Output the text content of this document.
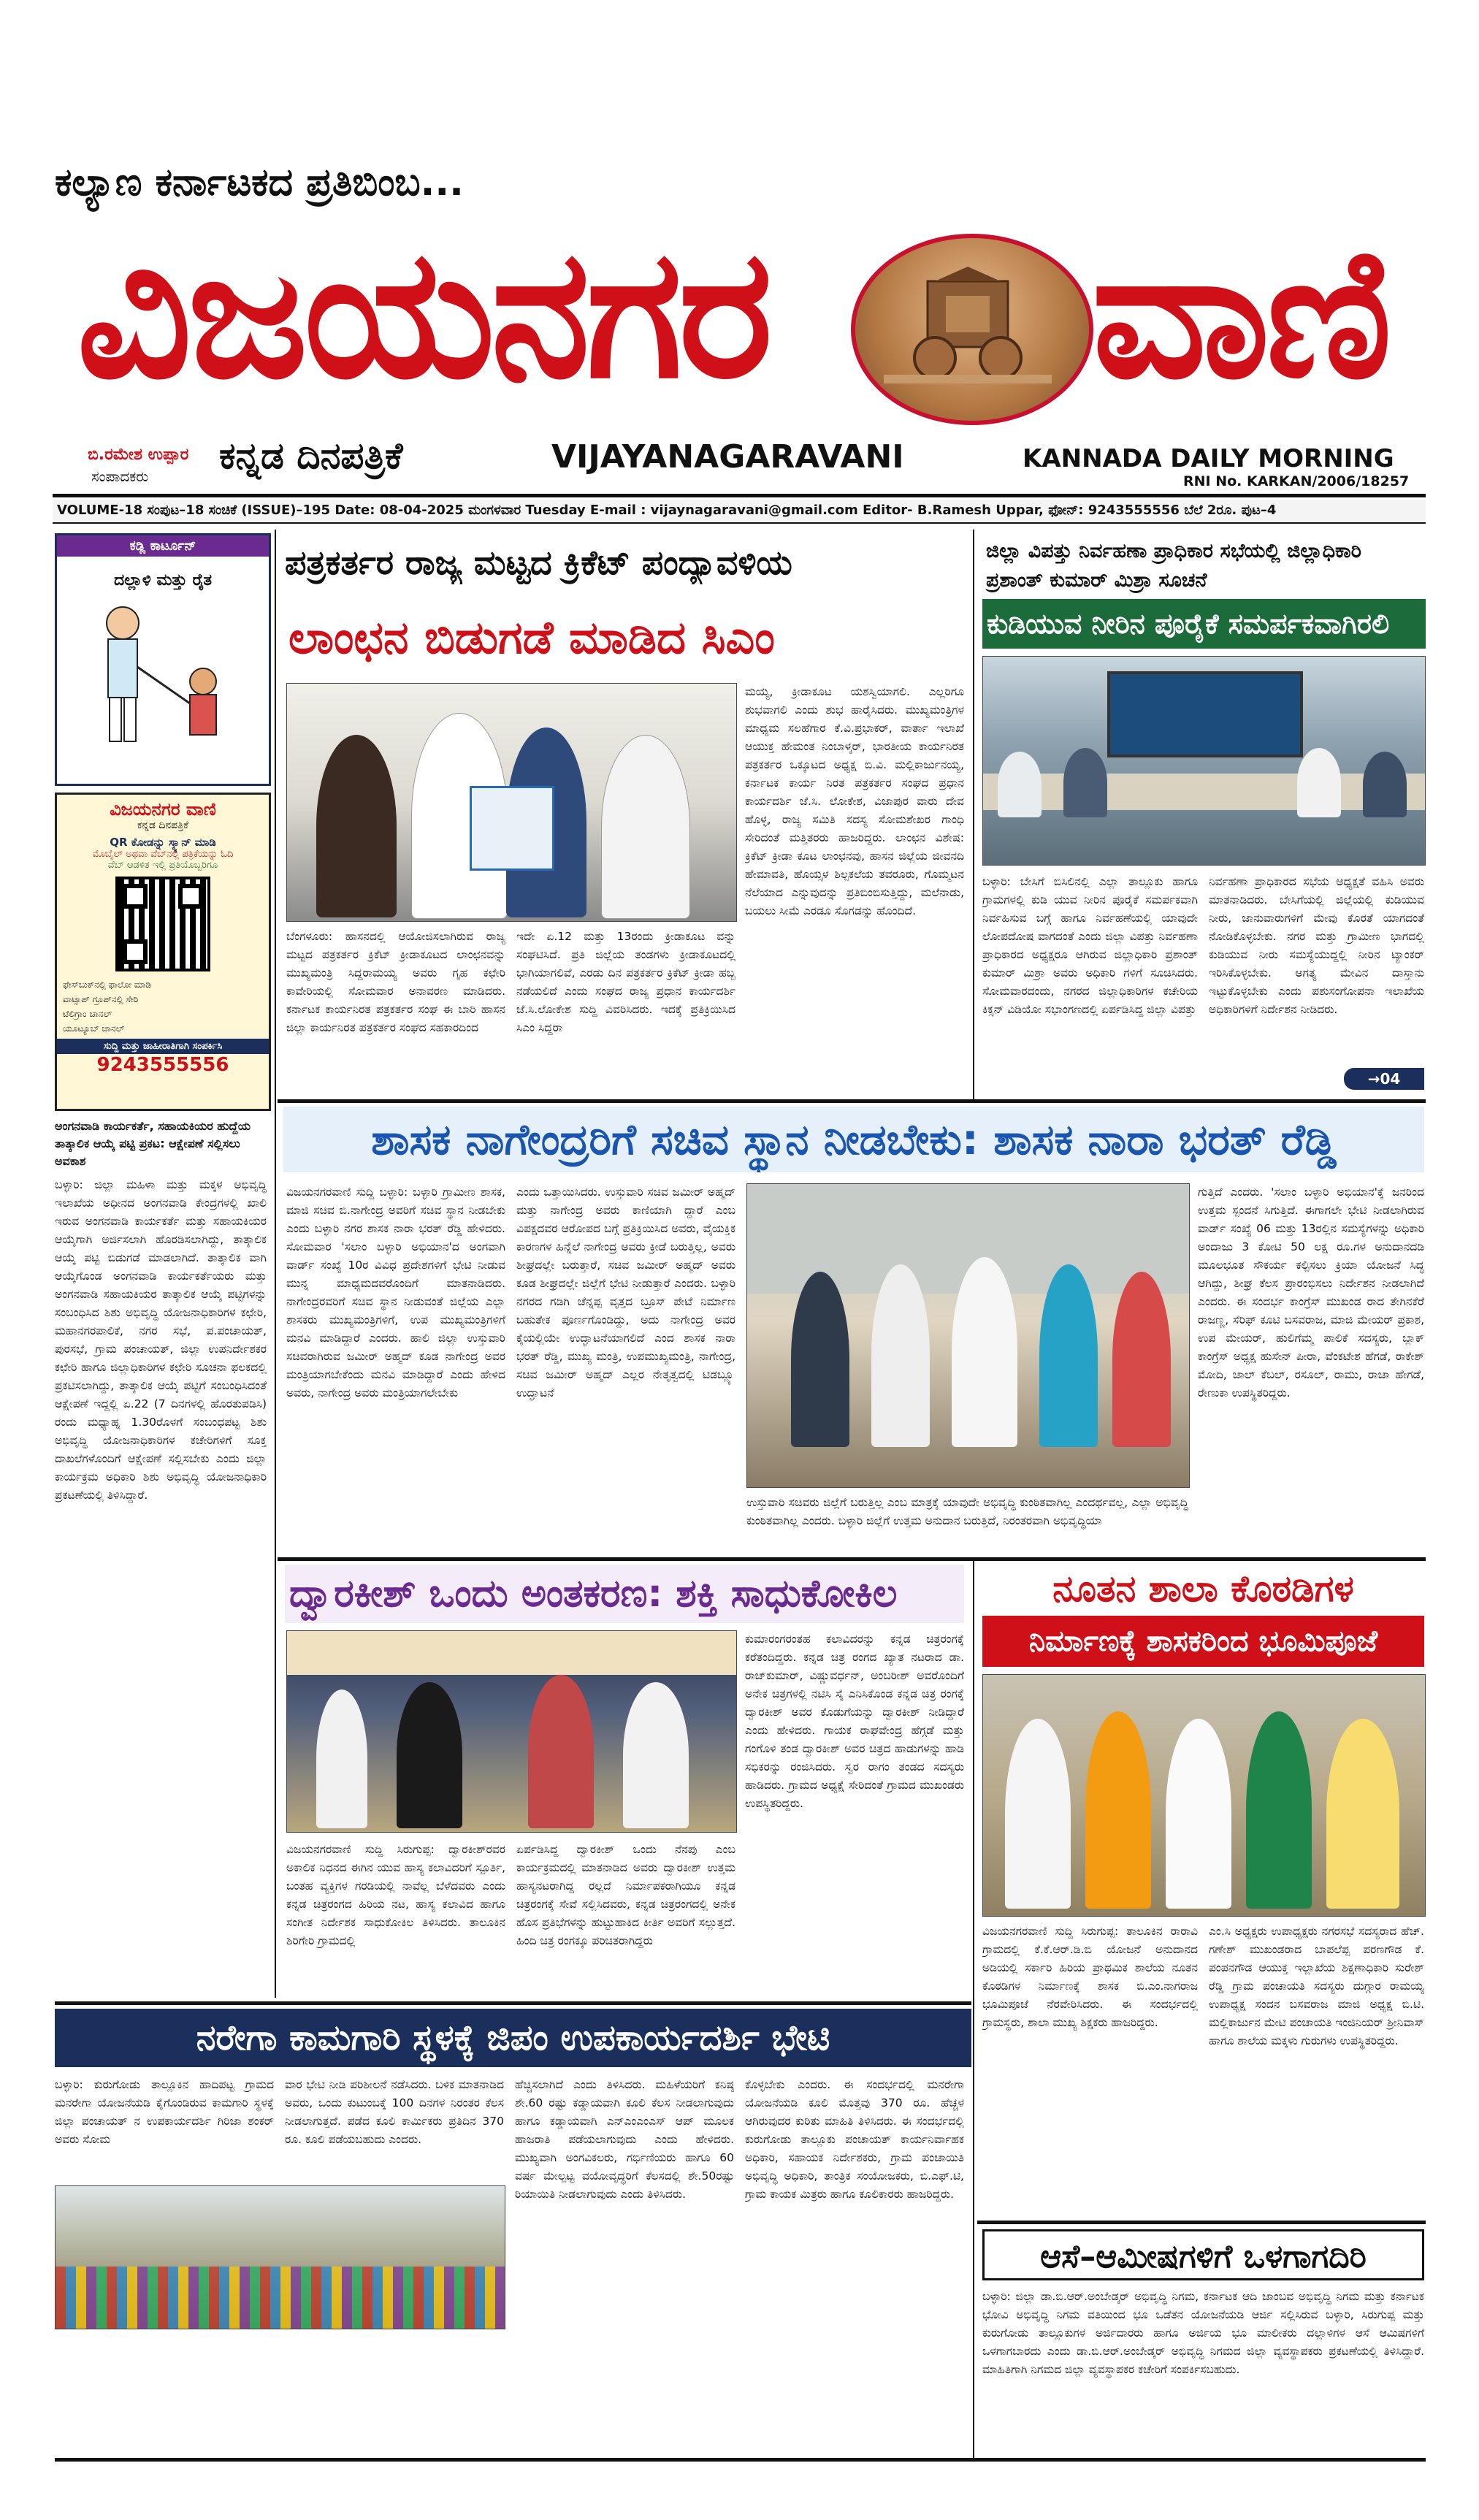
ಕಲ್ಯಾಣ ಕರ್ನಾಟಕದ ಪ್ರತಿಬಿಂಬ...
ವಿಜಯನಗರ ವಾಣಿ
ಬಿ.ರಮೇಶ ಉಪ್ಪಾರ
ಸಂಪಾದಕರು ಕನ್ನಡ ದಿನಪತ್ರಿಕೆ	VIJAYANAGARAVANI	KANNADA DAILY MORNING
RNI No. KARKAN/2006/18257
VOLUME-18 ಸಂಪುಟ–18 ಸಂಚಿಕೆ (ISSUE)–195 Date: 08-04-2025 ಮಂಗಳವಾರ Tuesday E-mail : vijaynagaravani@gmail.com Editor- B.Ramesh Uppar, ಫೋನ್: 9243555556 ಬೆಲೆ 2ರೂ. ಪುಟ–4
ಕಡ್ಲಿ ಕಾರ್ಟೂನ್
ದಲ್ಲಾಳಿ ಮತ್ತು ರೈತ
ವಿಜಯನಗರ ವಾಣಿ
ಕನ್ನಡ ದಿನಪತ್ರಿಕೆ
QR ಕೋಡನ್ನು ಸ್ಕ್ಯಾನ್ ಮಾಡಿ
ಮೊಬೈಲ್ ಅಥವಾ ವೆಬ್‌ನಲ್ಲಿ ಪತ್ರಿಕೆಯನ್ನು ಓದಿ
ವೆಬ್ ಆಡಳಿತ ಇಲ್ಲಿ ಪ್ರತಿಯೊಬ್ಬರಿಗೂ
ಫೇಸ್‌ಬುಕ್‌ನಲ್ಲಿ ಫಾಲೋ ಮಾಡಿ
ವಾಟ್ಸಾಪ್ ಗ್ರೂಪ್‌ನಲ್ಲಿ ಸೇರಿ
ಟೆಲಿಗ್ರಾಂ ಚಾನಲ್
ಯೂಟ್ಯೂಬ್ ಚಾನಲ್
ಸುದ್ದಿ ಮತ್ತು ಜಾಹೀರಾತಿಗಾಗಿ ಸಂಪರ್ಕಿಸಿ
9243555556
ಅಂಗನವಾಡಿ ಕಾರ್ಯಕರ್ತೆ, ಸಹಾಯಕಿಯರ ಹುದ್ದೆಯ ತಾತ್ಕಾಲಿಕ ಆಯ್ಕೆ ಪಟ್ಟಿ ಪ್ರಕಟ: ಆಕ್ಷೇಪಣೆ ಸಲ್ಲಿಸಲು ಅವಕಾಶ
ಬಳ್ಳಾರಿ: ಜಿಲ್ಲಾ ಮಹಿಳಾ ಮತ್ತು ಮಕ್ಕಳ ಅಭಿವೃದ್ಧಿ ಇಲಾಖೆಯ ಅಧೀನದ ಅಂಗನವಾಡಿ ಕೇಂದ್ರಗಳಲ್ಲಿ ಖಾಲಿ ಇರುವ ಅಂಗನವಾಡಿ ಕಾರ್ಯಕರ್ತೆ ಮತ್ತು ಸಹಾಯಕಿಯರ ಆಯ್ಕೆಗಾಗಿ ಅರ್ಜಿಸಲಾಗಿ ಹೊರಡಿಸಲಾಗಿದ್ದು, ತಾತ್ಕಾಲಿಕ ಆಯ್ಕೆ ಪಟ್ಟಿ ಬಿಡುಗಡೆ ಮಾಡಲಾಗಿದೆ. ತಾತ್ಕಾಲಿಕ ವಾಗಿ ಆಯ್ಕೆಗೊಂಡ ಅಂಗನವಾಡಿ ಕಾರ್ಯಕರ್ತೆಯರು ಮತ್ತು ಅಂಗನವಾಡಿ ಸಹಾಯಕಿಯರ ತಾತ್ಕಾಲಿಕ ಆಯ್ಕೆ ಪಟ್ಟಿಗಳನ್ನು ಸಂಬಂಧಿಸಿದ ಶಿಶು ಅಭಿವೃದ್ಧಿ ಯೋಜನಾಧಿಕಾರಿಗಳ ಕಛೇರಿ, ಮಹಾನಗರಪಾಲಿಕೆ, ನಗರ ಸಭೆ, ಪ.ಪಂಚಾಯತ್, ಪುರಸಭೆ, ಗ್ರಾಮ ಪಂಚಾಯತ್, ಜಿಲ್ಲಾ ಉಪನಿರ್ದೇಶಕರ ಕಛೇರಿ ಹಾಗೂ ಜಿಲ್ಲಾಧಿಕಾರಿಗಳ ಕಛೇರಿ ಸೂಚನಾ ಫಲಕದಲ್ಲಿ ಪ್ರಕಟಿಸಲಾಗಿದ್ದು, ತಾತ್ಕಾಲಿಕ ಆಯ್ಕೆ ಪಟ್ಟಿಗೆ ಸಂಬಂಧಿಸಿದಂತೆ ಆಕ್ಷೇಪಣೆ ಇದ್ದಲ್ಲಿ ಏ.22 (7 ದಿನಗಳಲ್ಲಿ ಹೊರತುಪಡಿಸಿ) ರಂದು ಮಧ್ಯಾಹ್ನ 1.30ರೊಳಗೆ ಸಂಬಂಧಪಟ್ಟ ಶಿಶು ಅಭಿವೃದ್ಧಿ ಯೋಜನಾಧಿಕಾರಿಗಳ ಕಚೇರಿಗಳಿಗೆ ಸೂಕ್ತ ದಾಖಲೆಗಳೊಂದಿಗೆ ಆಕ್ಷೇಪಣೆ ಸಲ್ಲಿಸಬೇಕು ಎಂದು ಜಿಲ್ಲಾ ಕಾರ್ಯಕ್ರಮ ಅಧಿಕಾರಿ ಶಿಶು ಅಭಿವೃದ್ಧಿ ಯೋಜನಾಧಿಕಾರಿ ಪ್ರಕಟಣೆಯಲ್ಲಿ ತಿಳಿಸಿದ್ದಾರೆ.
ಪತ್ರಕರ್ತರ ರಾಜ್ಯ ಮಟ್ಟದ ಕ್ರಿಕೆಟ್ ಪಂದ್ಯಾವಳಿಯ
ಲಾಂಛನ ಬಿಡುಗಡೆ ಮಾಡಿದ ಸಿಎಂ
ಮಯ್ಯ, ಕ್ರೀಡಾಕೂಟ ಯಶಸ್ವಿಯಾಗಲಿ. ಎಲ್ಲರಿಗೂ ಶುಭವಾಗಲಿ ಎಂದು ಶುಭ ಹಾರೈಸಿದರು. ಮುಖ್ಯಮಂತ್ರಿಗಳ ಮಾಧ್ಯಮ ಸಲಹೆಗಾರ ಕೆ.ವಿ.ಪ್ರಭಾಕರ್, ವಾರ್ತಾ ಇಲಾಖೆ ಆಯುಕ್ತ ಹೇಮಂತ ನಿಂಬಾಳ್ಕರ್, ಭಾರತೀಯ ಕಾರ್ಯನಿರತ ಪತ್ರಕರ್ತರ ಒಕ್ಕೂಟದ ಅಧ್ಯಕ್ಷ ಬಿ.ವಿ. ಮಲ್ಲಿಕಾರ್ಜುನಯ್ಯ, ಕರ್ನಾಟಕ ಕಾರ್ಯ ನಿರತ ಪತ್ರಕರ್ತರ ಸಂಘದ ಪ್ರಧಾನ ಕಾರ್ಯದರ್ಶಿ ಜೆ.ಸಿ. ಲೋಕೇಶ, ವಿಜಾಪುರ ವಾರು ದೇವ ಹೊಳ್ಳ, ರಾಜ್ಯ ಸಮಿತಿ ಸದಸ್ಯ ಸೋಮಶೇಖರ ಗಾಂಧಿ ಸೇರಿದಂತೆ ಮತ್ತಿತರರು ಹಾಜರಿದ್ದರು. ಲಾಂಛನ ವಿಶೇಷ: ಕ್ರಿಕೆಟ್ ಕ್ರೀಡಾ ಕೂಟ ಲಾಂಛನವು, ಹಾಸನ ಜಿಲ್ಲೆಯ ಜೀವನದಿ ಹೇಮಾವತಿ, ಹೊಯ್ಸಳ ಶಿಲ್ಪಕಲೆಯ ತವರೂರು, ಗೊಮ್ಮಟನ ನೆಲೆಯಾದ ಎನ್ನುವುದನ್ನು ಪ್ರತಿಬಿಂಬಿಸುತ್ತಿದ್ದು, ಮಲೆನಾಡು, ಬಯಲು ಸೀಮೆ ಎರಡೂ ಸೊಗಡನ್ನು ಹೊಂದಿದೆ.
ಬೆಂಗಳೂರು: ಹಾಸನದಲ್ಲಿ ಆಯೋಜಿಸಲಾಗಿರುವ ರಾಜ್ಯ ಮಟ್ಟದ ಪತ್ರಕರ್ತರ ಕ್ರಿಕೆಟ್ ಕ್ರೀಡಾಕೂಟದ ಲಾಂಛನವನ್ನು ಮುಖ್ಯಮಂತ್ರಿ ಸಿದ್ದರಾಮಯ್ಯ ಅವರು ಗೃಹ ಕಛೇರಿ ಕಾವೇರಿಯಲ್ಲಿ ಸೋಮವಾರ ಅನಾವರಣ ಮಾಡಿದರು. ಕರ್ನಾಟಕ ಕಾರ್ಯನಿರತ ಪತ್ರಕರ್ತರ ಸಂಘ ಈ ಬಾರಿ ಹಾಸನ ಜಿಲ್ಲಾ ಕಾರ್ಯನಿರತ ಪತ್ರಕರ್ತರ ಸಂಘದ ಸಹಕಾರದಿಂದ
ಇದೇ ಏ.12 ಮತ್ತು 13ರಂದು ಕ್ರೀಡಾಕೂಟ ವನ್ನು ಸಂಘಟಿಸಿದೆ. ಪ್ರತಿ ಜಿಲ್ಲೆಯ ತಂಡಗಳು ಕ್ರೀಡಾಕೂಟದಲ್ಲಿ ಭಾಗಿಯಾಗಲಿವೆ, ಎರಡು ದಿನ ಪತ್ರಕರ್ತರ ಕ್ರಿಕೆಟ್ ಕ್ರೀಡಾ ಹಬ್ಬ ನಡೆಯಲಿದೆ ಎಂದು ಸಂಘದ ರಾಜ್ಯ ಪ್ರಧಾನ ಕಾರ್ಯದರ್ಶಿ ಜೆ.ಸಿ.ಲೋಕೇಶ ಸುದ್ದಿ ವಿವರಿಸಿದರು. ಇದಕ್ಕೆ ಪ್ರತಿಕ್ರಿಯಿಸಿದ ಸಿಎಂ ಸಿದ್ದರಾ
ಜಿಲ್ಲಾ ವಿಪತ್ತು ನಿರ್ವಹಣಾ ಪ್ರಾಧಿಕಾರ ಸಭೆಯಲ್ಲಿ ಜಿಲ್ಲಾಧಿಕಾರಿ ಪ್ರಶಾಂತ್ ಕುಮಾರ್ ಮಿಶ್ರಾ ಸೂಚನೆ
ಕುಡಿಯುವ ನೀರಿನ ಪೂರೈಕೆ ಸಮರ್ಪಕವಾಗಿರಲಿ
ಬಳ್ಳಾರಿ: ಬೇಸಿಗೆ ಬಿಸಿಲಿನಲ್ಲಿ ಎಲ್ಲಾ ತಾಲ್ಲೂಕು ಹಾಗೂ ಗ್ರಾಮಗಳಲ್ಲಿ ಕುಡಿ ಯುವ ನೀರಿನ ಪೂರೈಕೆ ಸಮರ್ಪಕವಾಗಿ ನಿರ್ವಹಿಸುವ ಬಗ್ಗೆ ಹಾಗೂ ನಿರ್ವಹಣೆಯಲ್ಲಿ ಯಾವುದೇ ಲೋಪದೋಷ ವಾಗದಂತೆ ಎಂದು ಜಿಲ್ಲಾ ವಿಪತ್ತು ನಿರ್ವಹಣಾ ಪ್ರಾಧಿಕಾರದ ಅಧ್ಯಕ್ಷರೂ ಆಗಿರುವ ಜಿಲ್ಲಾಧಿಕಾರಿ ಪ್ರಶಾಂತ್ ಕುಮಾರ್ ಮಿಶ್ರಾ ಅವರು ಅಧಿಕಾರಿ ಗಳಿಗೆ ಸೂಚಿಸಿದರು. ಸೋಮವಾರದಂದು, ನಗರದ ಜಿಲ್ಲಾಧಿಕಾರಿಗಳ ಕಚೇರಿಯ ಕಿಕ್ಸನ್ ವಿಡಿಯೋ ಸಭಾಂಗಣದಲ್ಲಿ ಏರ್ಪಡಿಸಿದ್ದ ಜಿಲ್ಲಾ ವಿಪತ್ತು
ನಿರ್ವಹಣಾ ಪ್ರಾಧಿಕಾರದ ಸಭೆಯ ಅಧ್ಯಕ್ಷತೆ ವಹಿಸಿ ಅವರು ಮಾತನಾಡಿದರು. ಬೇಸಿಗೆಯಲ್ಲಿ ಜಿಲ್ಲೆಯಲ್ಲಿ ಕುಡಿಯುವ ನೀರು, ಜಾನುವಾರುಗಳಿಗೆ ಮೇವು ಕೊರತೆ ಯಾಗದಂತೆ ನೋಡಿಕೊಳ್ಳಬೇಕು. ನಗರ ಮತ್ತು ಗ್ರಾಮೀಣ ಭಾಗದಲ್ಲಿ ಕುಡಿಯುವ ನೀರು ಸಮಸ್ಯೆಯುದ್ದಲ್ಲಿ ನೀರಿನ ಟ್ಯಾಂಕರ್ ಇರಿಸಿಕೊಳ್ಳಬೇಕು. ಅಗತ್ಯ ಮೇವಿನ ದಾಸ್ತಾನು ಇಟ್ಟುಕೊಳ್ಳಬೇಕು ಎಂದು ಪಶುಸಂಗೋಪನಾ ಇಲಾಖೆಯ ಅಧಿಕಾರಿಗಳಿಗೆ ನಿರ್ದೇಶನ ನೀಡಿದರು.
→04
ಶಾಸಕ ನಾಗೇಂದ್ರರಿಗೆ ಸಚಿವ ಸ್ಥಾನ ನೀಡಬೇಕು: ಶಾಸಕ ನಾರಾ ಭರತ್ ರೆಡ್ಡಿ
ವಿಜಯನಗರವಾಣಿ ಸುದ್ದಿ ಬಳ್ಳಾರಿ: ಬಳ್ಳಾರಿ ಗ್ರಾಮೀಣ ಶಾಸಕ, ಮಾಜಿ ಸಚಿವ ಬಿ.ನಾಗೇಂದ್ರ ಅವರಿಗೆ ಸಚಿವ ಸ್ಥಾನ ನೀಡಬೇಕು ಎಂದು ಬಳ್ಳಾರಿ ನಗರ ಶಾಸಕ ನಾರಾ ಭರತ್ ರೆಡ್ಡಿ ಹೇಳಿದರು. ಸೋಮವಾರ 'ಸಲಾಂ ಬಳ್ಳಾರಿ ಅಭಿಯಾನ'ದ ಅಂಗವಾಗಿ ವಾರ್ಡ್ ಸಂಖ್ಯೆ 10ರ ವಿವಿಧ ಪ್ರದೇಶಗಳಿಗೆ ಭೇಟಿ ನೀಡುವ ಮುನ್ನ ಮಾಧ್ಯಮದವರೊಂದಿಗೆ ಮಾತನಾಡಿದರು. ನಾಗೇಂದ್ರರವರಿಗೆ ಸಚಿವ ಸ್ಥಾನ ನೀಡುವಂತೆ ಜಿಲ್ಲೆಯ ಎಲ್ಲಾ ಶಾಸಕರು ಮುಖ್ಯಮಂತ್ರಿಗಳಿಗೆ, ಉಪ ಮುಖ್ಯಮಂತ್ರಿಗಳಿಗೆ ಮನವಿ ಮಾಡಿದ್ದಾರೆ ಎಂದರು. ಹಾಲಿ ಜಿಲ್ಲಾ ಉಸ್ತುವಾರಿ ಸಚಿವರಾಗಿರುವ ಜಮೀರ್ ಅಹ್ಮದ್ ಕೂಡ ನಾಗೇಂದ್ರ ಅವರ ಮಂತ್ರಿಯಾಗಬೇಕೆಂದು ಮನವಿ ಮಾಡಿದ್ದಾರೆ ಎಂದು ಹೇಳಿದ ಅವರು, ನಾಗೇಂದ್ರ ಅವರು ಮಂತ್ರಿಯಾಗಲೇಬೇಕು
ಎಂದು ಒತ್ತಾಯಿಸಿದರು. ಉಸ್ತುವಾರಿ ಸಚಿವ ಜಮೀರ್ ಅಹ್ಮದ್ ಮತ್ತು ನಾಗೇಂದ್ರ ಅವರು ಕಾಣಿಯಾಗಿ ದ್ದಾರೆ ಎಂಬ ವಿಪಕ್ಷದವರ ಆರೋಪದ ಬಗ್ಗೆ ಪ್ರತಿಕ್ರಿಯಿಸಿದ ಅವರು, ವೈಯಕ್ತಿಕ ಕಾರಣಗಳ ಹಿನ್ನೆಲೆ ನಾಗೇಂದ್ರ ಅವರು ಕ್ರೀಡೆ ಬರುತ್ತಿಲ್ಲ, ಅವರು ಶೀಘ್ರದಲ್ಲೇ ಬರುತ್ತಾರೆ, ಸಚಿವ ಜಮೀರ್ ಅಹ್ಮದ್ ಅವರು ಕೂಡ ಶೀಘ್ರದಲ್ಲೇ ಜಿಲ್ಲೆಗೆ ಭೇಟಿ ನೀಡುತ್ತಾರೆ ಎಂದರು. ಬಳ್ಳಾರಿ ನಗರದ ಗಡಿಗಿ ಚೆನ್ನಪ್ಪ ವೃತ್ತದ ಬ್ರೂಸ್ ಪೇಟೆ ನಿರ್ಮಾಣ ಬಹುತೇಕ ಪೂರ್ಣಗೊಂಡಿದ್ದು, ಅದು ನಾಗೇಂದ್ರ ಅವರ ಕೈಯಲ್ಲಿಯೇ ಉದ್ಘಾಟನೆಯಾಗಲಿದೆ ಎಂದ ಶಾಸಕ ನಾರಾ ಭರತ್ ರೆಡ್ಡಿ, ಮುಖ್ಯ ಮಂತ್ರಿ, ಉಪಮುಖ್ಯಮಂತ್ರಿ, ನಾಗೇಂದ್ರ, ಸಚಿವ ಜಮೀರ್ ಅಹ್ಮದ್ ಎಲ್ಲರ ನೇತೃತ್ವದಲ್ಲಿ ಟಿಡಬ್ಲ್ಯೂ ಉದ್ಘಾಟನೆ
ಉಸ್ತುವಾರಿ ಸಚಿವರು ಜಿಲ್ಲೆಗೆ ಬರುತ್ತಿಲ್ಲ ಎಂಬ ಮಾತ್ರಕ್ಕೆ ಯಾವುದೇ ಅಭಿವೃದ್ಧಿ ಕುಂಠಿತವಾಗಿಲ್ಲ ಎಂದರ್ಥವಲ್ಲ, ಎಲ್ಲಾ ಅಭಿವೃದ್ಧಿ ಕುಂಠಿತವಾಗಿಲ್ಲ ಎಂದರು. ಬಳ್ಳಾರಿ ಜಿಲ್ಲೆಗೆ ಉತ್ತಮ ಅನುದಾನ ಬರುತ್ತಿದೆ, ನಿರಂತರವಾಗಿ ಅಭಿವೃದ್ಧಿಯಾ
ಗುತ್ತಿದೆ ಎಂದರು. 'ಸಲಾಂ ಬಳ್ಳಾರಿ ಅಭಿಯಾನ'ಕ್ಕೆ ಜನರಿಂದ ಉತ್ತಮ ಸ್ಪಂದನೆ ಸಿಗುತ್ತಿದೆ. ಈಗಾಗಲೇ ಭೇಟಿ ನೀಡಲಾಗಿರುವ ವಾರ್ಡ್ ಸಂಖ್ಯೆ 06 ಮತ್ತು 13ರಲ್ಲಿನ ಸಮಸ್ಯೆಗಳನ್ನು ಅಧಿಕಾರಿ ಅಂದಾಜು 3 ಕೋಟಿ 50 ಲಕ್ಷ ರೂ.ಗಳ ಅನುದಾನದಡಿ ಮೂಲಭೂತ ಸೌಕರ್ಯ ಕಲ್ಪಿಸಲು ಕ್ರಿಯಾ ಯೋಜನೆ ಸಿದ್ಧ ಆಗಿದ್ದು, ಶೀಘ್ರ ಕೆಲಸ ಪ್ರಾರಂಭಿಸಲು ನಿರ್ದೇಶನ ನೀಡಲಾಗಿದೆ ಎಂದರು. ಈ ಸಂದರ್ಭ ಕಾಂಗ್ರೆಸ್ ಮುಖಂಡ ರಾದ ತೇಗಿನಕೆರೆ ರಾಜಣ್ಣ, ಸೆರಿಫ್ ಕೂಟಿ ಬಸವರಾಜ, ಮಾಜಿ ಮೇಯರ್ ಪ್ರಕಾಶ, ಉಪ ಮೇಯರ್, ಹುಲಿಗೆಮ್ಮ ಪಾಲಿಕೆ ಸದಸ್ಯರು, ಬ್ಲಾಕ್ ಕಾಂಗ್ರೆಸ್ ಅಧ್ಯಕ್ಷ ಹುಸೇನ್ ಪೀರಾ, ವೆಂಕಟೇಶ ಹೆಗಡೆ, ರಾಕೇಶ್ ಮೋದಿ, ಜಾಲ್‌ ಕೆಬಲ್, ರಸೂಲ್, ರಾಮು, ರಾಜಾ ಹೇಗಡೆ, ರೇಣುಕಾ ಉಪಸ್ಥಿತರಿದ್ದರು.
ದ್ವಾರಕೀಶ್ ಒಂದು ಅಂತಕರಣ: ಶಕ್ತಿ ಸಾಧುಕೋಕಿಲ
ವಿಜಯನಗರವಾಣಿ ಸುದ್ದಿ ಸಿರುಗುಪ್ಪ: ದ್ವಾರಕೀಶ್‌ರವರ ಅಕಾಲಿಕ ನಿಧನದ ಈಗಿನ ಯುವ ಹಾಸ್ಯ ಕಲಾವಿದರಿಗೆ ಸ್ಪೂರ್ತಿ, ಬಂತಹ ವ್ಯಕ್ತಿಗಳ ಗರಡಿಯಲ್ಲಿ ನಾವೆಲ್ಲ ಬೆಳೆದವರು ಎಂದು ಕನ್ನಡ ಚಿತ್ರರಂಗದ ಹಿರಿಯ ನಟ, ಹಾಸ್ಯ ಕಲಾವಿದ ಹಾಗೂ ಸಂಗೀತ ನಿರ್ದೇಶಕ ಸಾಧುಕೋಕಿಲ ತಿಳಿಸಿದರು. ತಾಲೂಕಿನ ಶಿರಿಗೇರಿ ಗ್ರಾಮದಲ್ಲಿ
ಏರ್ಪಡಿಸಿದ್ದ ದ್ವಾರಕೀಶ್ ಒಂದು ನೆನಪು ಎಂಬ ಕಾರ್ಯಕ್ರಮದಲ್ಲಿ ಮಾತನಾಡಿದ ಅವರು ದ್ವಾರಕೀಶ್ ಉತ್ತಮ ಹಾಸ್ಯನಟರಾಗಿದ್ದ ರಲ್ಲದೆ ನಿರ್ಮಾಪಕರಾಗಿಯೂ ಕನ್ನಡ ಚಿತ್ರರಂಗಕ್ಕೆ ಸೇವೆ ಸಲ್ಲಿಸಿದವರು, ಕನ್ನಡ ಚಿತ್ರರಂಗದಲ್ಲಿ ಅನೇಕ ಹೊಸ ಪ್ರತಿಭೆಗಳನ್ನು ಹುಟ್ಟುಹಾಕಿದ ಕೀರ್ತಿ ಅವರಿಗೆ ಸಲ್ಲುತ್ತದೆ. ಹಿಂದಿ ಚಿತ್ರ ರಂಗಕ್ಕೂ ಪರಿಚಿತರಾಗಿದ್ದರು
ಕುಮಾರಂಗರಂತಹ ಕಲಾವಿದರನ್ನು ಕನ್ನಡ ಚಿತ್ರರಂಗಕ್ಕೆ ಕರೆತಂದಿದ್ದರು. ಕನ್ನಡ ಚಿತ್ರ ರಂಗದ ಖ್ಯಾತ ನಟರಾದ ಡಾ. ರಾಜ್‌ಕುಮಾರ್, ವಿಷ್ಣುವರ್ಧನ್, ಅಂಬರೀಶ್ ಅವರೊಂದಿಗೆ ಅನೇಕ ಚಿತ್ರಗಳಲ್ಲಿ ನಟಿಸಿ ಸೈ ಎನಿಸಿಕೊಂಡ ಕನ್ನಡ ಚಿತ್ರ ರಂಗಕ್ಕೆ ದ್ವಾರಕೀಶ್ ಅವರ ಕೊಡುಗೆಯನ್ನು ದ್ವಾರಕೀಶ್ ನೀಡಿದ್ದಾರೆ ಎಂದು ಹೇಳಿದರು. ಗಾಯಕ ರಾಘವೇಂದ್ರ ಹೆಗ್ಗಡೆ ಮತ್ತು ಗಂಗೊಳಿ ತಂಡ ದ್ವಾರಕೀಶ್ ಅವರ ಚಿತ್ರದ ಹಾಡುಗಳನ್ನು ಹಾಡಿ ಸಭಿಕರನ್ನು ರಂಜಿಸಿದರು. ಸ್ವರ ರಾಗಂ ತಂಡದ ಸದಸ್ಯರು ಹಾಡಿದರು. ಗ್ರಾಮದ ಅಧ್ಯಕ್ಷೆ ಸೇರಿದಂತೆ ಗ್ರಾಮದ ಮುಖಂಡರು ಉಪಸ್ಥಿತರಿದ್ದರು.
ನೂತನ ಶಾಲಾ ಕೊಠಡಿಗಳ
ನಿರ್ಮಾಣಕ್ಕೆ ಶಾಸಕರಿಂದ ಭೂಮಿಪೂಜೆ
ವಿಜಯನಗರವಾಣಿ ಸುದ್ದಿ ಸಿರುಗುಪ್ಪ: ತಾಲೂಕಿನ ರಾರಾವಿ ಗ್ರಾಮದಲ್ಲಿ ಕೆ.ಕೆ.ಆರ್.ಡಿ.ಬಿ ಯೋಜನೆ ಅನುದಾನದ ಅಡಿಯಲ್ಲಿ ಸರ್ಕಾರಿ ಹಿರಿಯ ಪ್ರಾಥಮಿಕ ಶಾಲೆಯ ನೂತನ ಕೊಠಡಿಗಳ ನಿರ್ಮಾಣಕ್ಕೆ ಶಾಸಕ ಬಿ.ಎಂ.ನಾಗರಾಜ ಭೂಮಿಪೂಜೆ ನೆರವೇರಿಸಿದರು. ಈ ಸಂದರ್ಭದಲ್ಲಿ ಗ್ರಾಮಸ್ಥರು, ಶಾಲಾ ಮುಖ್ಯ ಶಿಕ್ಷಕರು ಹಾಜರಿದ್ದರು.
ಎಂ.ಸಿ ಅಧ್ಯಕ್ಷರು ಉಪಾಧ್ಯಕ್ಷರು ನಗರಸಭೆ ಸದಸ್ಯರಾದ ಹೆಚ್. ಗಣೇಶ್ ಮುಖಂಡರಾದ ಬಾಪಲೆಪ್ಪ ಪರಣಗೌಡ ಕೆ. ಪಂಪನಗೌಡ ಆಯುಕ್ತ ಇಲ್ಲಾಖೆಯ ಶಿಕ್ಷಣಾಧಿಕಾರಿ ಸುರೇಶ್ ರೆಡ್ಡಿ ಗ್ರಾಮ ಪಂಚಾಯತಿ ಸದಸ್ಯರು ದುಗ್ಗಾರ ರಾಮಯ್ಯ ಉಪಾಧ್ಯಕ್ಷ ಸಂದನ ಬಸವರಾಜ ಮಾಜಿ ಅಧ್ಯಕ್ಷ ಬಿ.ಟಿ. ಮಲ್ಲಿಕಾರ್ಜುನ ಮೇಟಿ ಪಂಚಾಯತಿ ಇಂಜಿನಿಯರ್ ಶ್ರೀನಿವಾಸ್ ಹಾಗೂ ಶಾಲೆಯ ಮಕ್ಕಳು ಗುರುಗಳು ಉಪಸ್ಥಿತರಿದ್ದರು.
ನರೇಗಾ ಕಾಮಗಾರಿ ಸ್ಥಳಕ್ಕೆ ಜಿಪಂ ಉಪಕಾರ್ಯದರ್ಶಿ ಭೇಟಿ
ಬಳ್ಳಾರಿ: ಕುರುಗೋಡು ತಾಲ್ಲೂಕಿನ ಹಾದಿಪಟ್ಟ ಗ್ರಾಮದ ಮನರೇಗಾ ಯೋಜನೆಯಡಿ ಕೈಗೊಂಡಿರುವ ಕಾಮಗಾರಿ ಸ್ಥಳಕ್ಕೆ ಜಿಲ್ಲಾ ಪಂಚಾಯತ್ ನ ಉಪಕಾರ್ಯದರ್ಶಿ ಗಿರಿಜಾ ಶಂಕರ್ ಅವರು ಸೋಮ
ವಾರ ಭೇಟಿ ನೀಡಿ ಪರಿಶೀಲನೆ ನಡೆಸಿದರು. ಬಳಿಕ ಮಾತನಾಡಿದ ಅವರು, ಒಂದು ಕುಟುಂಬಕ್ಕೆ 100 ದಿನಗಳ ನಿರಂತರ ಕೆಲಸ ನೀಡಲಾಗುತ್ತದೆ. ಪಡೆದ ಕೂಲಿ ಕಾರ್ಮಿಕರು ಪ್ರತಿದಿನ 370 ರೂ. ಕೂಲಿ ಪಡೆಯಬಹುದು ಎಂದರು.
ಹೆಚ್ಚಿಸಲಾಗಿದೆ ಎಂದು ತಿಳಿಸಿದರು. ಮಹಿಳೆಯರಿಗೆ ಕನಿಷ್ಠ ಶೇ.60 ರಷ್ಟು ಕಡ್ಡಾಯವಾಗಿ ಕೂಲಿ ಕೆಲಸ ನೀಡಲಾಗುವುದು ಹಾಗೂ ಕಡ್ಡಾಯವಾಗಿ ಎನ್‌ಎಂಎಂಎಸ್ ಆಪ್ ಮೂಲಕ ಹಾಜರಾತಿ ಪಡೆಯಲಾಗುವುದು ಎಂದು ಹೇಳಿದರು. ಮುಖ್ಯವಾಗಿ ಅಂಗವಿಕಲರು, ಗರ್ಭಿಣಿಯರು ಹಾಗೂ 60 ವರ್ಷ ಮೇಲ್ಪಟ್ಟ ವಯೋವೃದ್ಧರಿಗೆ ಕೆಲಸದಲ್ಲಿ ಶೇ.50ರಷ್ಟು ರಿಯಾಯಿತಿ ನೀಡಲಾಗುವುದು ಎಂದು ತಿಳಿಸಿದರು.
ಕೊಳ್ಳಬೇಕು ಎಂದರು. ಈ ಸಂದರ್ಭದಲ್ಲಿ ಮನರೇಗಾ ಯೋಜನೆಯಡಿ ಕೂಲಿ ಮೊತ್ತವು 370 ರೂ. ಹೆಚ್ಚಳ ಆಗಿರುವುದರ ಕುರಿತು ಮಾಹಿತಿ ತಿಳಿಸಿದರು. ಈ ಸಂದರ್ಭದಲ್ಲಿ ಕುರುಗೋಡು ತಾಲ್ಲೂಕು ಪಂಚಾಯತ್ ಕಾರ್ಯನಿರ್ವಾಹಕ ಅಧಿಕಾರಿ, ಸಹಾಯಕ ನಿರ್ದೇಶಕರು, ಗ್ರಾಮ ಪಂಚಾಯಿತಿ ಅಭಿವೃದ್ಧಿ ಅಧಿಕಾರಿ, ತಾಂತ್ರಿಕ ಸಂಯೋಜಕರು, ಬಿ.ಎಫ್.ಟಿ, ಗ್ರಾಮ ಕಾಯಕ ಮಿತ್ರರು ಹಾಗೂ ಕೂಲಿಕಾರರು ಹಾಜರಿದ್ದರು.
ಆಸೆ–ಆಮೀಷಗಳಿಗೆ ಒಳಗಾಗದಿರಿ
ಬಳ್ಳಾರಿ: ಜಿಲ್ಲಾ ಡಾ.ಬಿ.ಆರ್.ಅಂಬೇಡ್ಕರ್ ಅಭಿವೃದ್ಧಿ ನಿಗಮ, ಕರ್ನಾಟಕ ಆದಿ ಜಾಂಬವ ಅಭಿವೃದ್ಧಿ ನಿಗಮ ಮತ್ತು ಕರ್ನಾಟಕ ಭೋವಿ ಅಭಿವೃದ್ಧಿ ನಿಗಮ ವತಿಯಿಂದ ಭೂ ಒಡೆತನ ಯೋಜನೆಯಡಿ ಆರ್ಜಿ ಸಲ್ಲಿಸಿರುವ ಬಳ್ಳಾರಿ, ಸಿರುಗುಪ್ಪ ಮತ್ತು ಕುರುಗೋಡು ತಾಲ್ಲೂಕುಗಳ ಅರ್ಜಿದಾರರು ಹಾಗೂ ಅರ್ಜಿಯ ಭೂ ಮಾಲೀಕರು ದಲ್ಲಾಳಿಗಳ ಆಸೆ ಆಮಿಷಗಳಿಗೆ ಒಳಗಾಗಬಾರದು ಎಂದು ಡಾ.ಬಿ.ಆರ್.ಅಂಬೇಡ್ಕರ್ ಅಭಿವೃದ್ಧಿ ನಿಗಮದ ಜಿಲ್ಲಾ ವ್ಯವಸ್ಥಾಪಕರು ಪ್ರಕಟಣೆಯಲ್ಲಿ ತಿಳಿಸಿದ್ದಾರೆ. ಮಾಹಿತಿಗಾಗಿ ನಿಗಮದ ಜಿಲ್ಲಾ ವ್ಯವಸ್ಥಾಪಕರ ಕಚೇರಿಗೆ ಸಂಪರ್ಕಿಸಬಹುದು.
